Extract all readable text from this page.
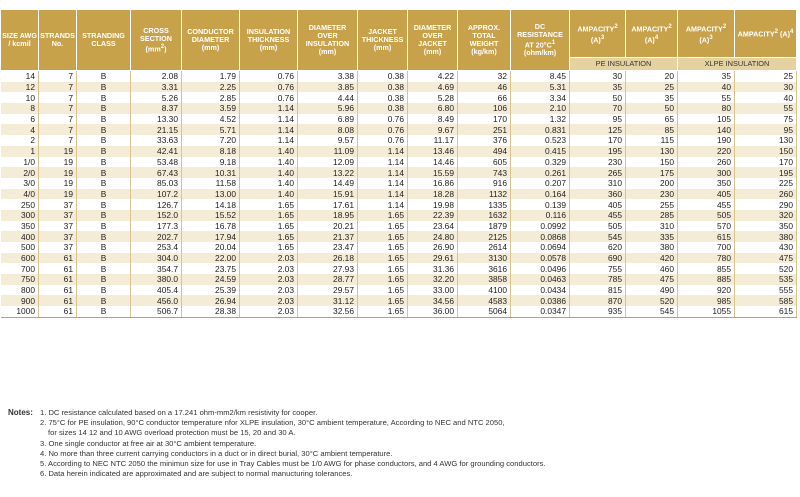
SIZE AWG / kcmil	STRANDS No.	STRANDING CLASS	CROSS SECTION $(mm^2)$	CONDUCTOR DIAMETER (mm)	INSULATION THICKNESS (mm)	DIAMETER OVER INSULATION (mm)	JACKET THICKNESS (mm)	DIAMETER OVER JACKET (mm)	APPROX. TOTAL WEIGHT (kg/km)	DC RESISTANCE AT $20^\circ C^1$ (ohm/km)	AMPACITY$^2$ $(A)^3$	AMPACITY$^2$ $(A)^4$	AMPACITY$^2$ $(A)^3$	AMPACITY$^2$ $(A)^4$
											PE INSULATION		XLPE INSULATION	
14	7	B	2.08	1.79	0.76	3.38	0.38	4.22	32	8.45	30	20	35	25
12	7	B	3.31	2.25	0.76	3.85	0.38	4.69	46	5.31	35	25	40	30
10	7	B	5.26	2.85	0.76	4.44	0.38	5.28	66	3.34	50	35	55	40
8	7	B	8.37	3.59	1.14	5.96	0.38	6.80	106	2.10	70	50	80	55
6	7	B	13.30	4.52	1.14	6.89	0.76	8.49	170	1.32	95	65	105	75
4	7	B	21.15	5.71	1.14	8.08	0.76	9.67	251	0.831	125	85	140	95
2	7	B	33.63	7.20	1.14	9.57	0.76	11.17	376	0.523	170	115	190	130
1	19	B	42.41	8.18	1.40	11.09	1.14	13.46	494	0.415	195	130	220	150
1/0	19	B	53.48	9.18	1.40	12.09	1.14	14.46	605	0.329	230	150	260	170
2/0	19	B	67.43	10.31	1.40	13.22	1.14	15.59	743	0.261	265	175	300	195
3/0	19	B	85.03	11.58	1.40	14.49	1.14	16.86	916	0.207	310	200	350	225
4/0	19	B	107.2	13.00	1.40	15.91	1.14	18.28	1132	0.164	360	230	405	260
250	37	B	126.7	14.18	1.65	17.61	1.14	19.98	1335	0.139	405	255	455	290
300	37	B	152.0	15.52	1.65	18.95	1.65	22.39	1632	0.116	455	285	505	320
350	37	B	177.3	16.78	1.65	20.21	1.65	23.64	1879	0.0992	505	310	570	350
400	37	B	202.7	17.94	1.65	21.37	1.65	24.80	2125	0.0868	545	335	615	380
500	37	B	253.4	20.04	1.65	23.47	1.65	26.90	2614	0.0694	620	380	700	430
600	61	B	304.0	22.00	2.03	26.18	1.65	29.61	3130	0.0578	690	420	780	475
700	61	B	354.7	23.75	2.03	27.93	1.65	31.36	3616	0.0496	755	460	855	520
750	61	B	380.0	24.59	2.03	28.77	1.65	32.20	3858	0.0463	785	475	885	535
800	61	B	405.4	25.39	2.03	29.57	1.65	33.00	4100	0.0434	815	490	920	555
900	61	B	456.0	26.94	2.03	31.12	1.65	34.56	4583	0.0386	870	520	985	585
1000	61	B	506.7	28.38	2.03	32.56	1.65	36.00	5064	0.0347	935	545	1055	615
Notes: 1. DC resistance calculated based on a 17.241 ohm-mm2/km resistivity for cooper.
2. 75°C for PE insulation, 90°C conductor temperature nfor XLPE insulation, 30°C ambient temperature, According to NEC and NTC 2050,
for sizes 14 12 and 10 AWG overload protection must be 15, 20 and 30 A.
3. One single conductor at free air at 30°C ambient temperature.
4. No more than three current carrying conductors in a duct or in direct burial, 30°C ambient temperature.
5. According to NEC NTC 2050 the minimun size for use in Tray Cables must be 1/0 AWG for phase conductors, and 4 AWG for grounding conductors.
6. Data herein indicated are approximated and are subject to normal manucturing tolerances.
